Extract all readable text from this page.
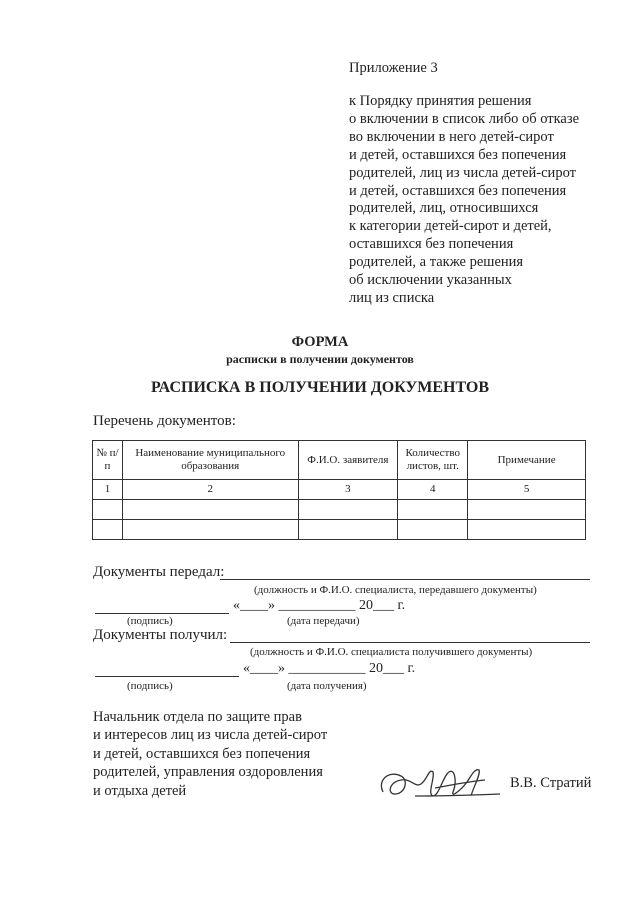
Приложение 3
к Порядку принятия решения
о включении в список либо об отказе
во включении в него детей-сирот
и детей, оставшихся без попечения
родителей, лиц из числа детей-сирот
и детей, оставшихся без попечения
родителей, лиц, относившихся
к категории детей-сирот и детей,
оставшихся без попечения
родителей, а также решения
об исключении указанных
лиц из списка
ФОРМА
расписки в получении документов
РАСПИСКА В ПОЛУЧЕНИИ ДОКУМЕНТОВ
Перечень документов:
№ п/п	Наименование муниципального образования	Ф.И.О. заявителя	Количество листов, шт.	Примечание
1	2	3	4	5

Документы передал:
(должность и Ф.И.О. специалиста, передавшего документы)
«____» ___________ 20___ г.
(подпись)	(дата передачи)
Документы получил:
(должность и Ф.И.О. специалиста получившего документы)
«____» ___________ 20___ г.
(подпись)	(дата получения)
Начальник отдела по защите прав
и интересов лиц из числа детей-сирот
и детей, оставшихся без попечения
родителей, управления оздоровления
и отдыха детей	В.В. Стратий
